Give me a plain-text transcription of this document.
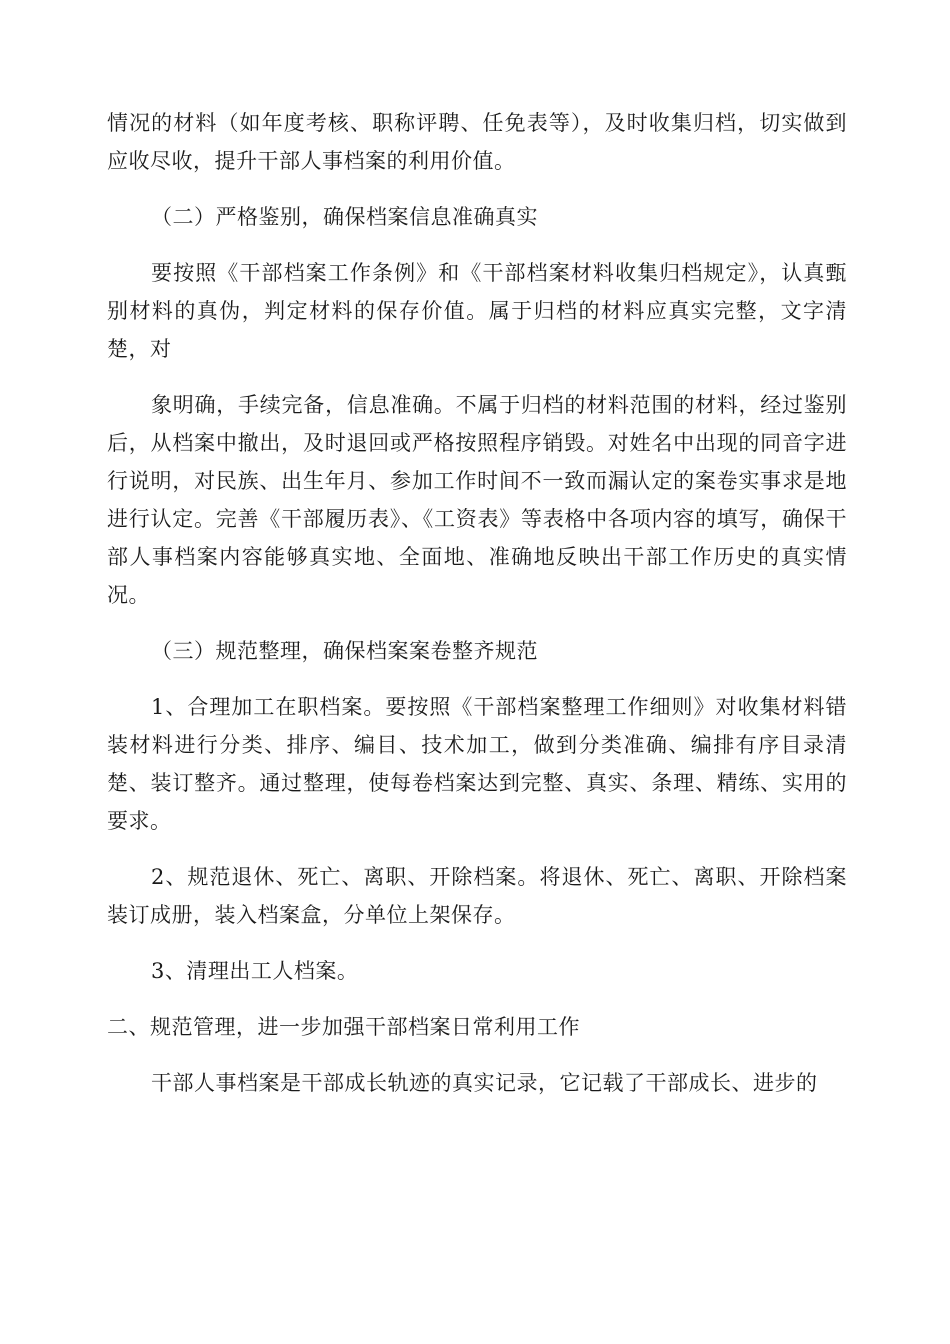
情况的材料（如年度考核、职称评聘、任免表等），及时收集归档，切实做到应收尽收，提升干部人事档案的利用价值。

（二）严格鉴别，确保档案信息准确真实

要按照《干部档案工作条例》和《干部档案材料收集归档规定》，认真甄别材料的真伪，判定材料的保存价值。属于归档的材料应真实完整，文字清楚，对

象明确，手续完备，信息准确。不属于归档的材料范围的材料，经过鉴别后，从档案中撤出，及时退回或严格按照程序销毁。对姓名中出现的同音字进行说明，对民族、出生年月、参加工作时间不一致而漏认定的案卷实事求是地进行认定。完善《干部履历表》、《工资表》等表格中各项内容的填写，确保干部人事档案内容能够真实地、全面地、准确地反映出干部工作历史的真实情况。

（三）规范整理，确保档案案卷整齐规范

1、合理加工在职档案。要按照《干部档案整理工作细则》对收集材料错装材料进行分类、排序、编目、技术加工，做到分类准确、编排有序目录清楚、装订整齐。通过整理，使每卷档案达到完整、真实、条理、精练、实用的要求。

2、规范退休、死亡、离职、开除档案。将退休、死亡、离职、开除档案装订成册，装入档案盒，分单位上架保存。

3、清理出工人档案。

二、规范管理，进一步加强干部档案日常利用工作

干部人事档案是干部成长轨迹的真实记录，它记载了干部成长、进步的
